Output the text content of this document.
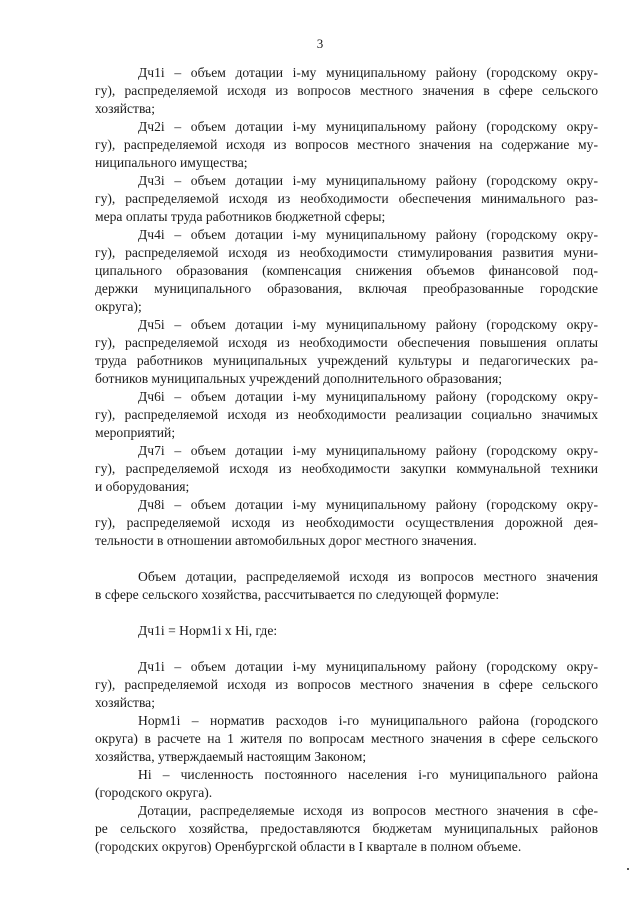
3
Дч1i – объем дотации i-му муниципальному району (городскому окру-
гу), распределяемой исходя из вопросов местного значения в сфере сельского
хозяйства;
Дч2i – объем дотации i-му муниципальному району (городскому окру-
гу), распределяемой исходя из вопросов местного значения на содержание му-
ниципального имущества;
Дч3i – объем дотации i-му муниципальному району (городскому окру-
гу), распределяемой исходя из необходимости обеспечения минимального раз-
мера оплаты труда работников бюджетной сферы;
Дч4i – объем дотации i-му муниципальному району (городскому окру-
гу), распределяемой исходя из необходимости стимулирования развития муни-
ципального образования (компенсация снижения объемов финансовой под-
держки муниципального образования, включая преобразованные городские
округа);
Дч5i – объем дотации i-му муниципальному району (городскому окру-
гу), распределяемой исходя из необходимости обеспечения повышения оплаты
труда работников муниципальных учреждений культуры и педагогических ра-
ботников муниципальных учреждений дополнительного образования;
Дч6i – объем дотации i-му муниципальному району (городскому окру-
гу), распределяемой исходя из необходимости реализации социально значимых
мероприятий;
Дч7i – объем дотации i-му муниципальному району (городскому окру-
гу), распределяемой исходя из необходимости закупки коммунальной техники
и оборудования;
Дч8i – объем дотации i-му муниципальному району (городскому окру-
гу), распределяемой исходя из необходимости осуществления дорожной дея-
тельности в отношении автомобильных дорог местного значения.
Объем дотации, распределяемой исходя из вопросов местного значения
в сфере сельского хозяйства, рассчитывается по следующей формуле:
Дч1i = Норм1i x Нi, где:
Дч1i – объем дотации i-му муниципальному району (городскому окру-
гу), распределяемой исходя из вопросов местного значения в сфере сельского
хозяйства;
Норм1i – норматив расходов i-го муниципального района (городского
округа) в расчете на 1 жителя по вопросам местного значения в сфере сельского
хозяйства, утверждаемый настоящим Законом;
Нi – численность постоянного населения i-го муниципального района
(городского округа).
Дотации, распределяемые исходя из вопросов местного значения в сфе-
ре сельского хозяйства, предоставляются бюджетам муниципальных районов
(городских округов) Оренбургской области в I квартале в полном объеме.
